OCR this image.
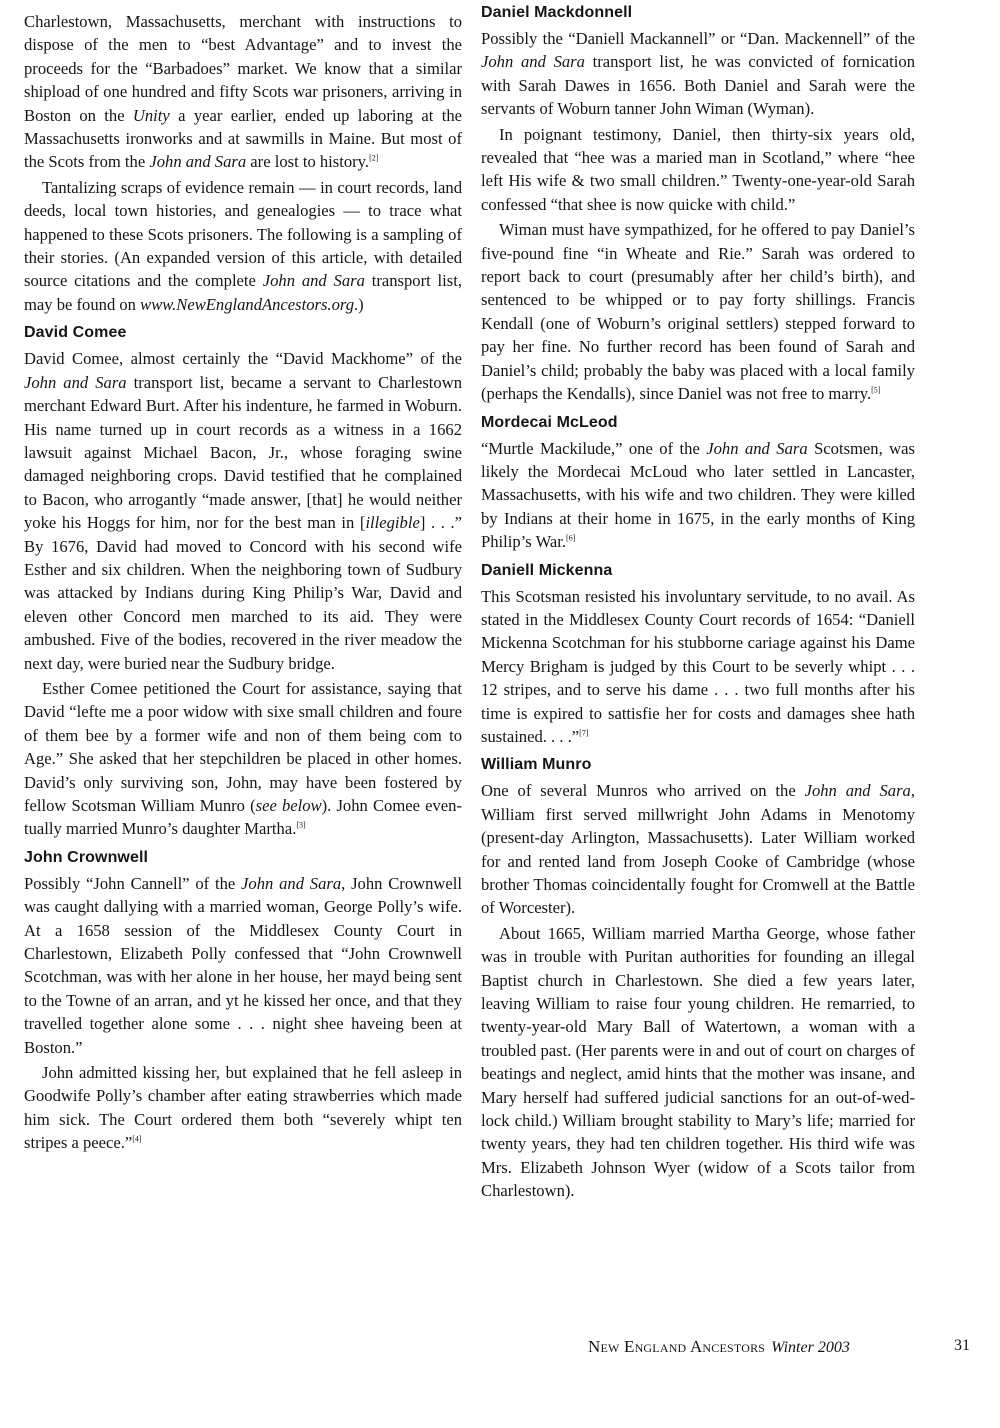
Charlestown, Massachusetts, merchant with instructions to dispose of the men to “best Advantage” and to invest the proceeds for the “Barbadoes” market. We know that a similar shipload of one hundred and fifty Scots war prisoners, arriving in Boston on the Unity a year earlier, ended up laboring at the Massachusetts ironworks and at sawmills in Maine. But most of the Scots from the John and Sara are lost to history.[2]

Tantalizing scraps of evidence remain — in court records, land deeds, local town histories, and genealogies — to trace what happened to these Scots prisoners. The following is a sampling of their stories. (An expanded version of this article, with detailed source citations and the complete John and Sara transport list, may be found on www.NewEnglandAncestors.org.)

David Comee

David Comee, almost certainly the “David Mackhome” of the John and Sara transport list, became a servant to Charlestown merchant Edward Burt. After his indenture, he farmed in Woburn. His name turned up in court records as a witness in a 1662 lawsuit against Michael Bacon, Jr., whose foraging swine damaged neighboring crops. David testified that he complained to Bacon, who arrogantly “made answer, [that] he would neither yoke his Hoggs for him, nor for the best man in [illegible] . . .” By 1676, David had moved to Concord with his second wife Esther and six children. When the neighboring town of Sudbury was attacked by Indians during King Philip’s War, David and eleven other Concord men marched to its aid. They were ambushed. Five of the bodies, recovered in the river meadow the next day, were buried near the Sudbury bridge.

Esther Comee petitioned the Court for assistance, saying that David “lefte me a poor widow with sixe small children and foure of them bee by a former wife and non of them being com to Age.” She asked that her stepchildren be placed in other homes. David’s only surviving son, John, may have been fostered by fellow Scotsman William Munro (see below). John Comee eventually married Munro’s daughter Martha.[3]

John Crownwell

Possibly “John Cannell” of the John and Sara, John Crownwell was caught dallying with a married woman, George Polly’s wife. At a 1658 session of the Middlesex County Court in Charlestown, Elizabeth Polly confessed that “John Crownwell Scotchman, was with her alone in her house, her mayd being sent to the Towne of an arran, and yt he kissed her once, and that they travelled together alone some . . . night shee haveing been at Boston.”

John admitted kissing her, but explained that he fell asleep in Goodwife Polly’s chamber after eating strawberries which made him sick. The Court ordered them both “severely whipt ten stripes a peece.”[4]

Daniel Mackdonnell

Possibly the “Daniell Mackannell” or “Dan. Mackennell” of the John and Sara transport list, he was convicted of fornication with Sarah Dawes in 1656. Both Daniel and Sarah were the servants of Woburn tanner John Wiman (Wyman).

In poignant testimony, Daniel, then thirty-six years old, revealed that “hee was a maried man in Scotland,” where “hee left His wife & two small children.” Twenty-one-year-old Sarah confessed “that shee is now quicke with child.”

Wiman must have sympathized, for he offered to pay Daniel’s five-pound fine “in Wheate and Rie.” Sarah was ordered to report back to court (presumably after her child’s birth), and sentenced to be whipped or to pay forty shillings. Francis Kendall (one of Woburn’s original settlers) stepped forward to pay her fine. No further record has been found of Sarah and Daniel’s child; probably the baby was placed with a local family (perhaps the Kendalls), since Daniel was not free to marry.[5]

Mordecai McLeod

“Murtle Mackilude,” one of the John and Sara Scotsmen, was likely the Mordecai McLoud who later settled in Lancaster, Massachusetts, with his wife and two children. They were killed by Indians at their home in 1675, in the early months of King Philip’s War.[6]

Daniell Mickenna

This Scotsman resisted his involuntary servitude, to no avail. As stated in the Middlesex County Court records of 1654: “Daniell Mickenna Scotchman for his stubborne cariage against his Dame Mercy Brigham is judged by this Court to be severly whipt . . . 12 stripes, and to serve his dame . . . two full months after his time is expired to sattisfie her for costs and damages shee hath sustained. . . .”[7]

William Munro

One of several Munros who arrived on the John and Sara, William first served millwright John Adams in Menotomy (present-day Arlington, Massachusetts). Later William worked for and rented land from Joseph Cooke of Cambridge (whose brother Thomas coincidentally fought for Cromwell at the Battle of Worcester).

About 1665, William married Martha George, whose father was in trouble with Puritan authorities for founding an illegal Baptist church in Charlestown. She died a few years later, leaving William to raise four young children. He remarried, to twenty-year-old Mary Ball of Watertown, a woman with a troubled past. (Her parents were in and out of court on charges of beatings and neglect, amid hints that the mother was insane, and Mary herself had suffered judicial sanctions for an out-of-wedlock child.) William brought stability to Mary’s life; married for twenty years, they had ten children together. His third wife was Mrs. Elizabeth Johnson Wyer (widow of a Scots tailor from Charlestown).

New England Ancestors Winter 2003	31
